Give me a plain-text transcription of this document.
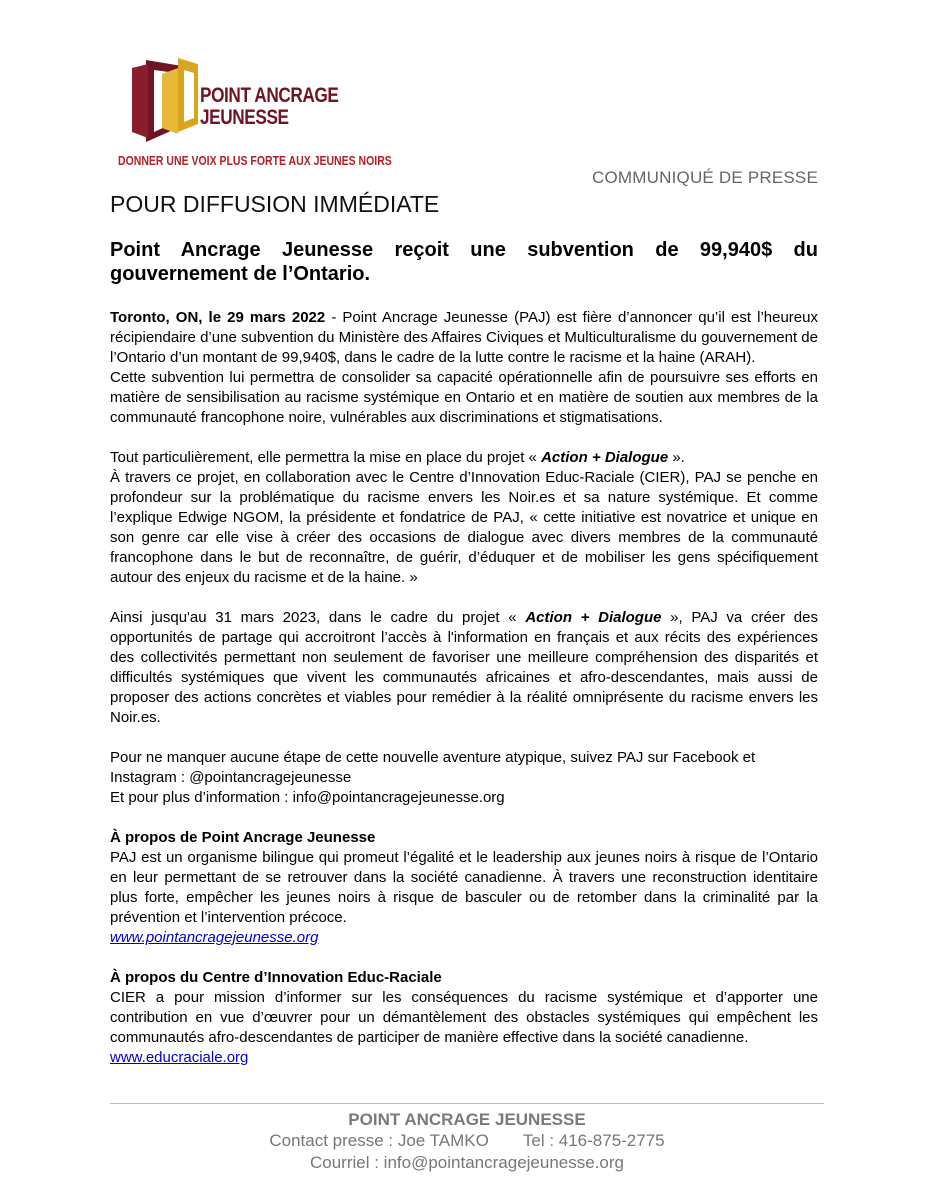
POINT ANCRAGE
JEUNESSE
DONNER UNE VOIX PLUS FORTE AUX JEUNES NOIRS
COMMUNIQUÉ DE PRESSE
POUR DIFFUSION IMMÉDIATE
Point Ancrage Jeunesse reçoit une subvention de 99,940$ du gouvernement de l’Ontario.

Toronto, ON, le 29 mars 2022 - Point Ancrage Jeunesse (PAJ) est fière d’annoncer qu’il est l’heureux récipiendaire d’une subvention du Ministère des Affaires Civiques et Multiculturalisme du gouvernement de l’Ontario d’un montant de 99,940$, dans le cadre de la lutte contre le racisme et la haine (ARAH).

Cette subvention lui permettra de consolider sa capacité opérationnelle afin de poursuivre ses efforts en matière de sensibilisation au racisme systémique en Ontario et en matière de soutien aux membres de la communauté francophone noire, vulnérables aux discriminations et stigmatisations.

Tout particulièrement, elle permettra la mise en place du projet « Action + Dialogue ».

À travers ce projet, en collaboration avec le Centre d’Innovation Educ-Raciale (CIER), PAJ se penche en profondeur sur la problématique du racisme envers les Noir.es et sa nature systémique. Et comme l’explique Edwige NGOM, la présidente et fondatrice de PAJ, « cette initiative est novatrice et unique en son genre car elle vise à créer des occasions de dialogue avec divers membres de la communauté francophone dans le but de reconnaître, de guérir, d’éduquer et de mobiliser les gens spécifiquement autour des enjeux du racisme et de la haine. »

Ainsi jusqu'au 31 mars 2023, dans le cadre du projet « Action + Dialogue », PAJ va créer des opportunités de partage qui accroitront l’accès à l'information en français et aux récits des expériences des collectivités permettant non seulement de favoriser une meilleure compréhension des disparités et difficultés systémiques que vivent les communautés africaines et afro-descendantes, mais aussi de proposer des actions concrètes et viables pour remédier à la réalité omniprésente du racisme envers les Noir.es.

Pour ne manquer aucune étape de cette nouvelle aventure atypique, suivez PAJ sur Facebook et Instagram : @pointancragejeunesse

Et pour plus d’information : info@pointancragejeunesse.org

À propos de Point Ancrage Jeunesse

PAJ est un organisme bilingue qui promeut l’égalité et le leadership aux jeunes noirs à risque de l’Ontario en leur permettant de se retrouver dans la société canadienne. À travers une reconstruction identitaire plus forte, empêcher les jeunes noirs à risque de basculer ou de retomber dans la criminalité par la prévention et l’intervention précoce.

www.pointancragejeunesse.org

À propos du Centre d’Innovation Educ-Raciale

CIER a pour mission d’informer sur les conséquences du racisme systémique et d’apporter une contribution en vue d’œuvrer pour un démantèlement des obstacles systémiques qui empêchent les communautés afro-descendantes de participer de manière effective dans la société canadienne.

www.educraciale.org

POINT ANCRAGE JEUNESSE
Contact presse : Joe TAMKO Tel : 416-875-2775
Courriel : info@pointancragejeunesse.org
